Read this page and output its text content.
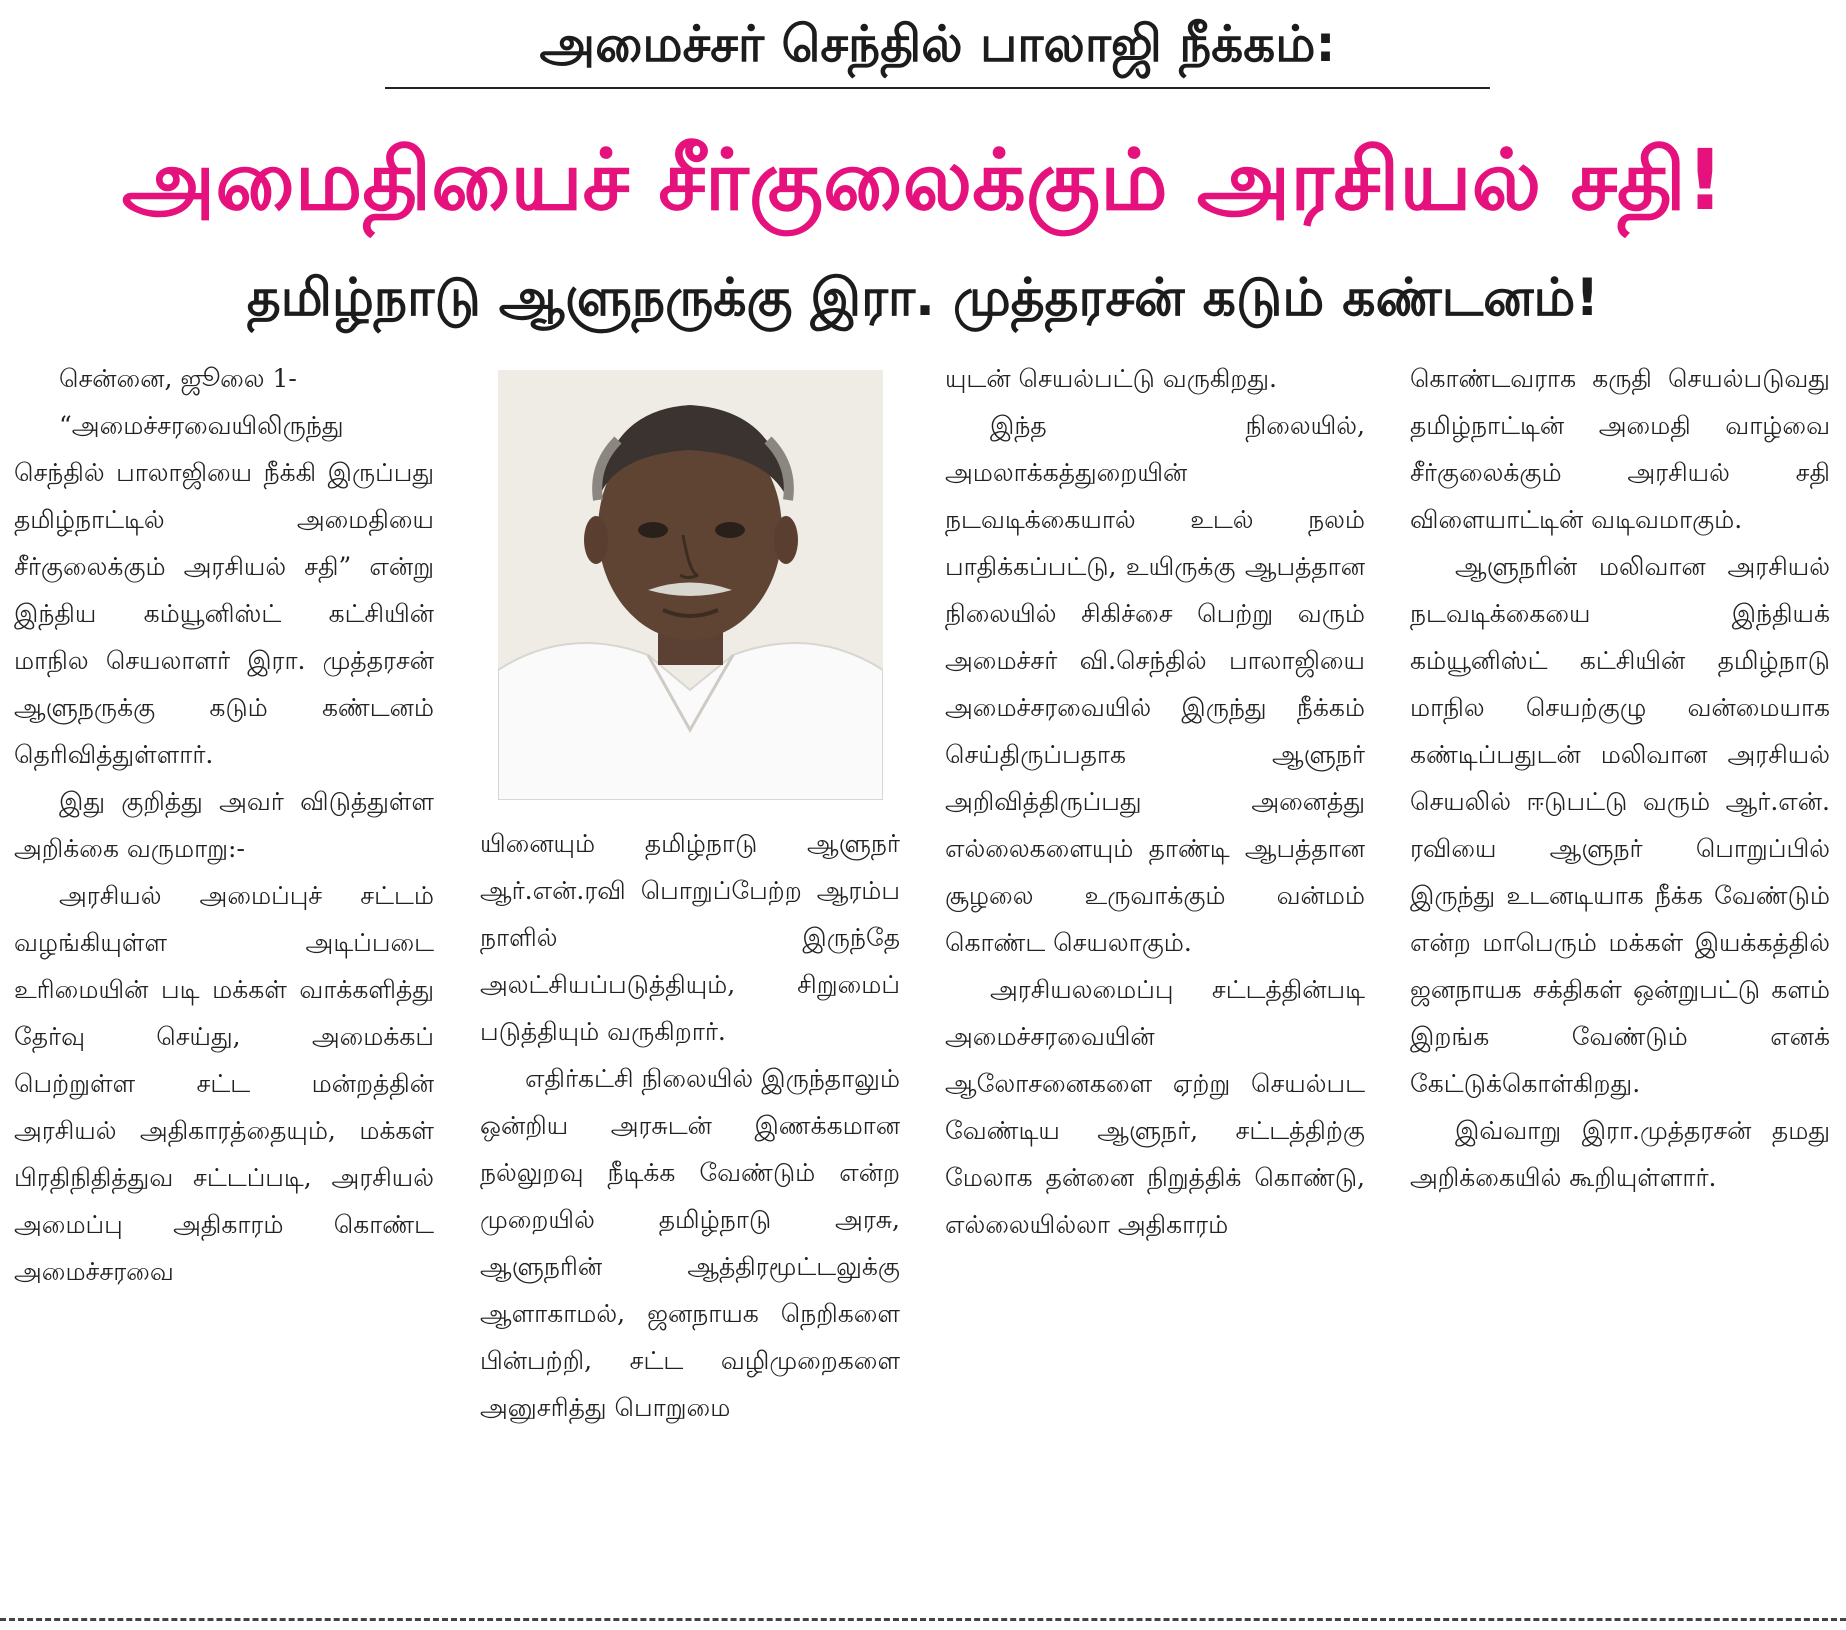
அமைச்சர் செந்தில் பாலாஜி நீக்கம்:
அமைதியைச் சீர்குலைக்கும் அரசியல் சதி!
தமிழ்நாடு ஆளுநருக்கு இரா. முத்தரசன் கடும் கண்டனம்!

சென்னை, ஜூலை 1-

“அமைச்சரவையிலிருந்து செந்தில் பாலாஜியை நீக்கி இருப்பது தமிழ்நாட்டில் அமைதியை சீர்குலைக்கும் அரசியல் சதி” என்று இந்திய கம்யூனிஸ்ட் கட்சியின் மாநில செயலாளர் இரா. முத்தரசன் ஆளுநருக்கு கடும் கண்டனம் தெரிவித்துள்ளார்.

இது குறித்து அவர் விடுத்துள்ள அறிக்கை வருமாறு:-

அரசியல் அமைப்புச் சட்டம் வழங்கியுள்ள அடிப்படை உரிமையின் படி மக்கள் வாக்களித்து தேர்வு செய்து, அமைக்கப் பெற்றுள்ள சட்ட மன்றத்தின் அரசியல் அதிகாரத்தையும், மக்கள் பிரதிநிதித்துவ சட்டப்படி, அரசியல் அமைப்பு அதிகாரம் கொண்ட அமைச்சரவை

யினையும் தமிழ்நாடு ஆளுநர் ஆர்.என்.ரவி பொறுப்பேற்ற ஆரம்ப நாளில் இருந்தே அலட்சியப்படுத்தியும், சிறுமைப் படுத்தியும் வருகிறார்.

எதிர்கட்சி நிலையில் இருந்தாலும் ஒன்றிய அரசுடன் இணக்கமான நல்லுறவு நீடிக்க வேண்டும் என்ற முறையில் தமிழ்நாடு அரசு, ஆளுநரின் ஆத்திரமூட்டலுக்கு ஆளாகாமல், ஜனநாயக நெறிகளை பின்பற்றி, சட்ட வழிமுறைகளை அனுசரித்து பொறுமை

யுடன் செயல்பட்டு வருகிறது.

இந்த நிலையில், அமலாக்கத்துறையின் நடவடிக்கையால் உடல் நலம் பாதிக்கப்பட்டு, உயிருக்கு ஆபத்தான நிலையில் சிகிச்சை பெற்று வரும் அமைச்சர் வி.செந்தில் பாலாஜியை அமைச்சரவையில் இருந்து நீக்கம் செய்திருப்பதாக ஆளுநர் அறிவித்திருப்பது அனைத்து எல்லைகளையும் தாண்டி ஆபத்தான சூழலை உருவாக்கும் வன்மம் கொண்ட செயலாகும்.

அரசியலமைப்பு சட்டத்தின்படி அமைச்சரவையின் ஆலோசனைகளை ஏற்று செயல்பட வேண்டிய ஆளுநர், சட்டத்திற்கு மேலாக தன்னை நிறுத்திக் கொண்டு, எல்லையில்லா அதிகாரம்

கொண்டவராக கருதி செயல்படுவது தமிழ்நாட்டின் அமைதி வாழ்வை சீர்குலைக்கும் அரசியல் சதி விளையாட்டின் வடிவமாகும்.

ஆளுநரின் மலிவான அரசியல் நடவடிக்கையை இந்தியக் கம்யூனிஸ்ட் கட்சியின் தமிழ்நாடு மாநில செயற்குழு வன்மையாக கண்டிப்பதுடன் மலிவான அரசியல் செயலில் ஈடுபட்டு வரும் ஆர்.என். ரவியை ஆளுநர் பொறுப்பில் இருந்து உடனடியாக நீக்க வேண்டும் என்ற மாபெரும் மக்கள் இயக்கத்தில் ஜனநாயக சக்திகள் ஒன்றுபட்டு களம் இறங்க வேண்டும் எனக் கேட்டுக்கொள்கிறது.

இவ்வாறு இரா.முத்தரசன் தமது அறிக்கையில் கூறியுள்ளார்.
